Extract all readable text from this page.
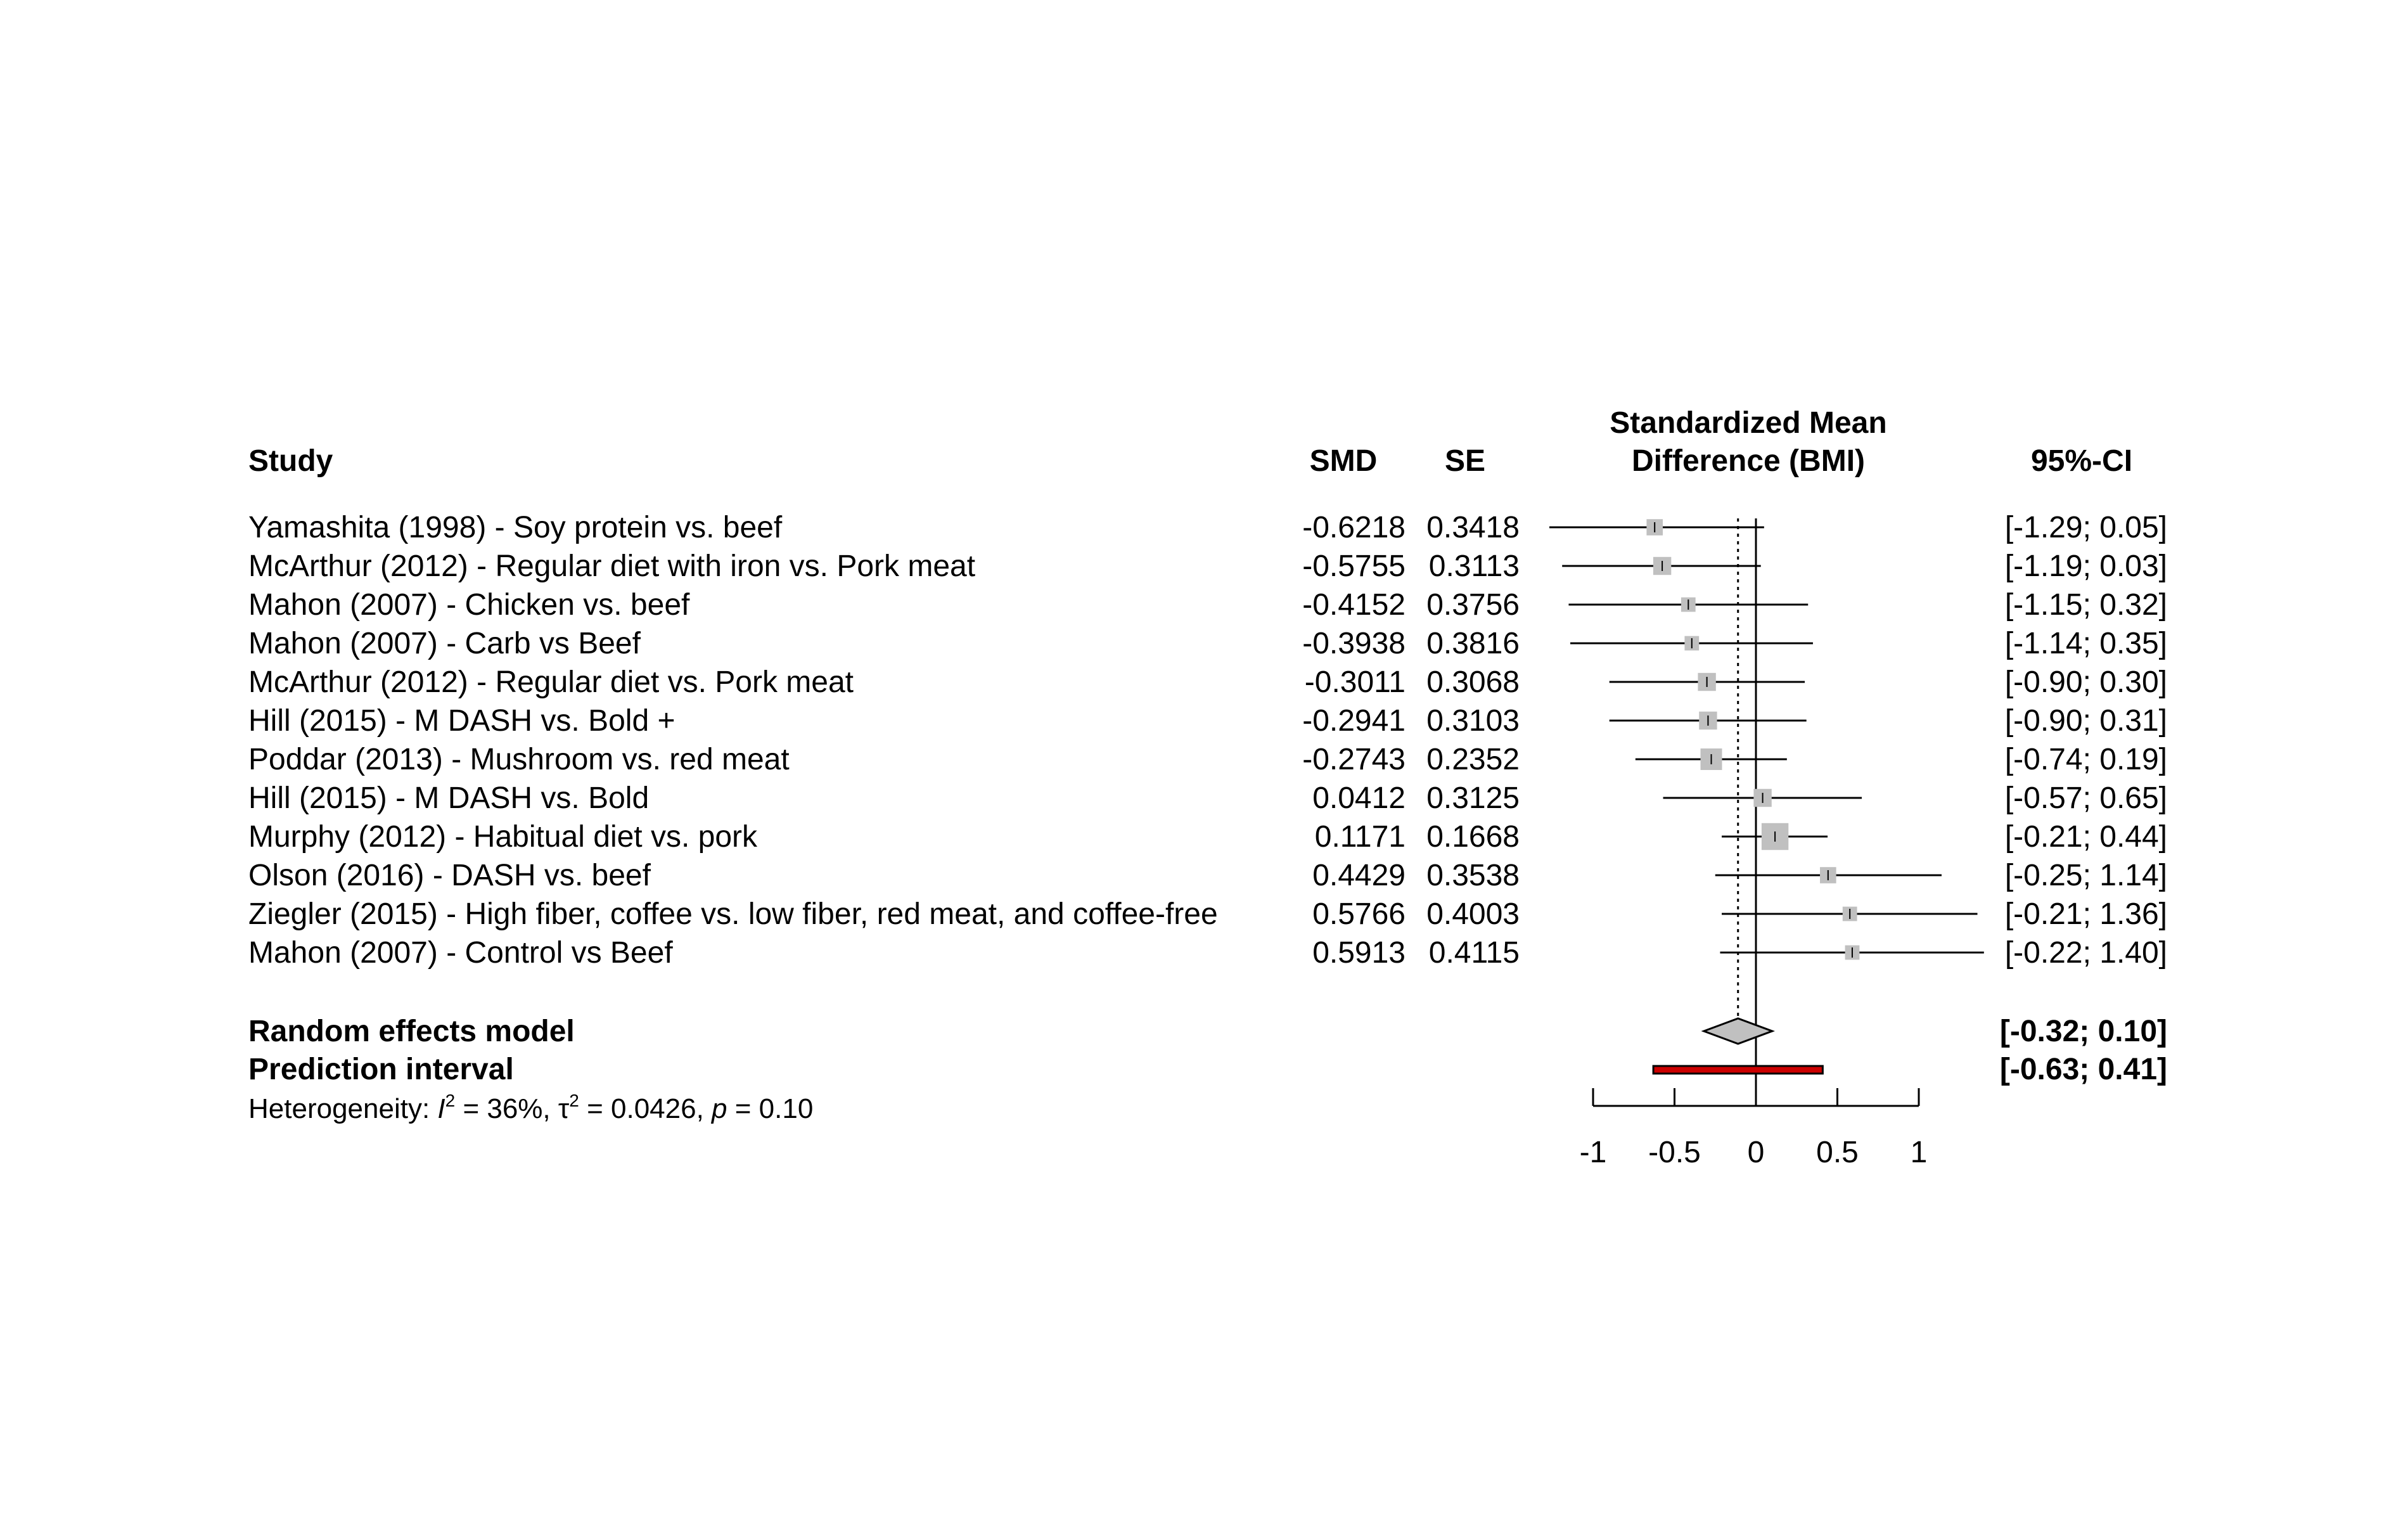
Study	SMD SE
Standardized Mean
Difference (BMI)	95%-CI
Yamashita (1998) - Soy protein vs. beef	-0.6218 0.3418	[-1.29; 0.05]
McArthur (2012) - Regular diet with iron vs. Pork meat	-0.5755 0.3113	[-1.19; 0.03]
Mahon (2007) - Chicken vs. beef	-0.4152 0.3756	[-1.15; 0.32]
Mahon (2007) - Carb vs Beef	-0.3938 0.3816	[-1.14; 0.35]
McArthur (2012) - Regular diet vs. Pork meat	-0.3011 0.3068	[-0.90; 0.30]
Hill (2015) - M DASH vs. Bold +	-0.2941 0.3103	[-0.90; 0.31]
Poddar (2013) - Mushroom vs. red meat	-0.2743 0.2352	[-0.74; 0.19]
Hill (2015) - M DASH vs. Bold	0.0412 0.3125	[-0.57; 0.65]
Murphy (2012) - Habitual diet vs. pork	0.1171 0.1668	[-0.21; 0.44]
Olson (2016) - DASH vs. beef	0.4429 0.3538	[-0.25; 1.14]
Ziegler (2015) - High fiber, coffee vs. low fiber, red meat, and coffee-free	0.5766 0.4003	[-0.21; 1.36]
Mahon (2007) - Control vs Beef	0.5913 0.4115	[-0.22; 1.40]
Random effects model	[-0.32; 0.10]
Prediction interval	[-0.63; 0.41]
Heterogeneity: $I^2 = 36\%$, $\tau^2 = 0.0426$, p = 0.10
-1 -0.5 0 0.5 1
